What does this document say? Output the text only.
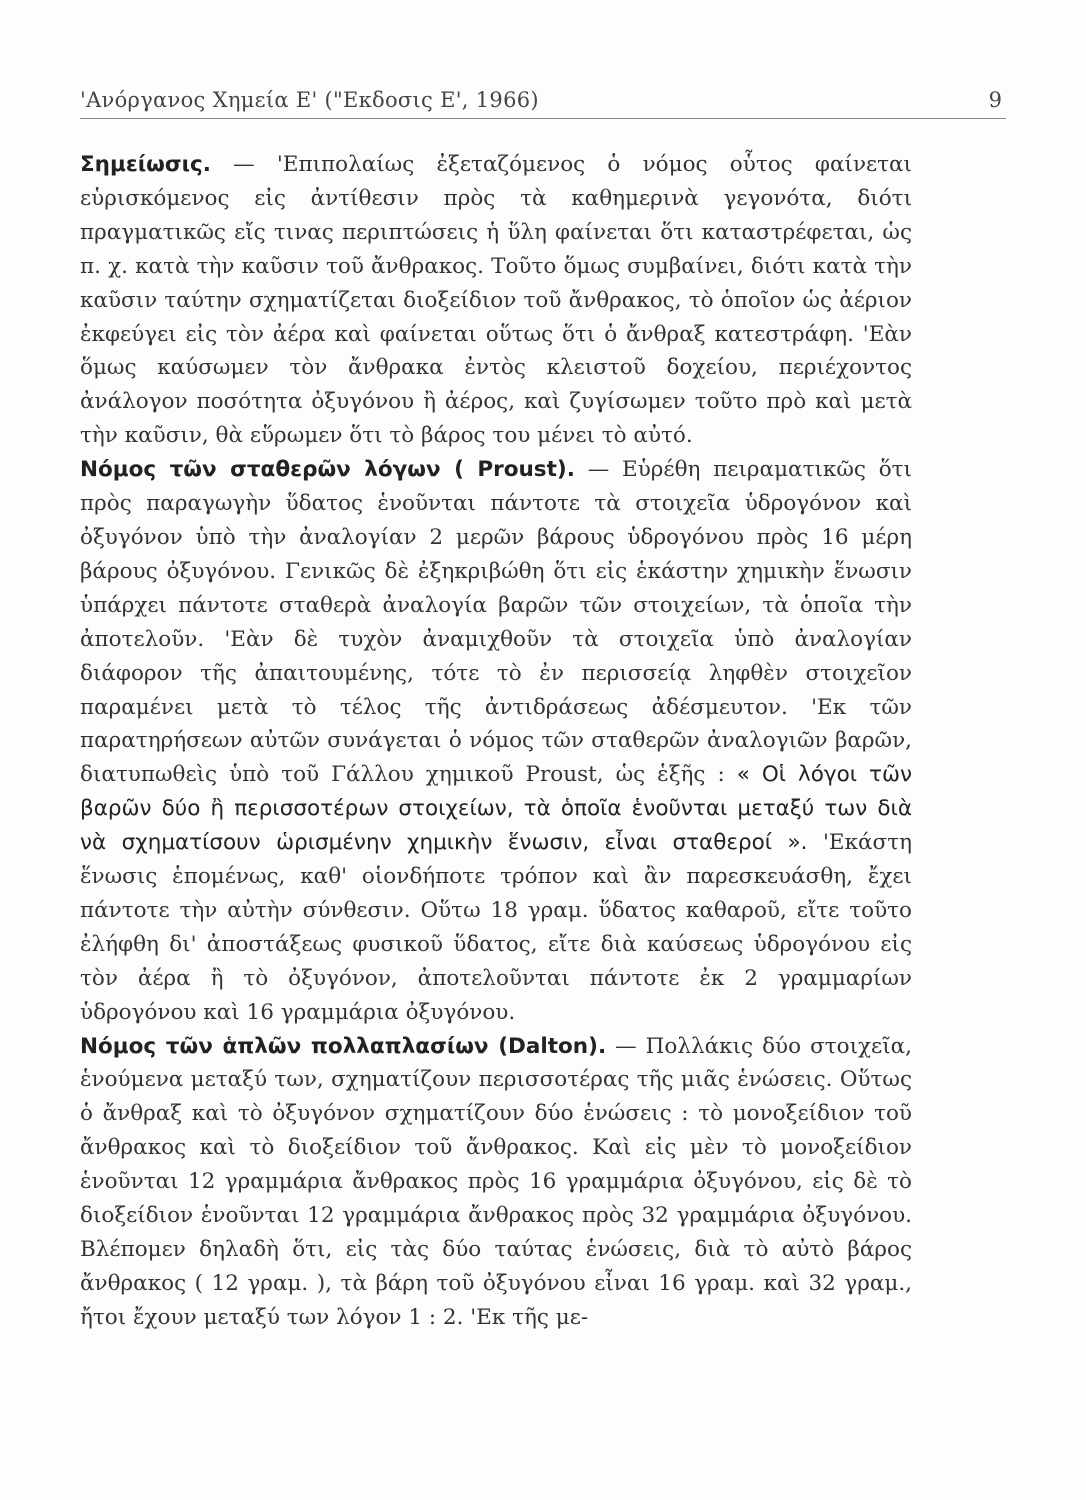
'Ανόργανος Χημεία Ε' ("Εκδοσις Ε', 1966)	9

Σημείωσις. — 'Επιπολαίως ἐξεταζόμενος ὁ νόμος οὗτος φαίνεται εὑρισκόμενος εἰς ἀντίθεσιν πρὸς τὰ καθημερινὰ γεγονότα, διότι πραγματικῶς εἴς τινας περιπτώσεις ἡ ὕλη φαίνεται ὅτι καταστρέφεται, ὡς π. χ. κατὰ τὴν καῦσιν τοῦ ἄνθρακος. Τοῦτο ὅμως συμβαίνει, διότι κατὰ τὴν καῦσιν ταύτην σχηματίζεται διοξείδιον τοῦ ἄνθρακος, τὸ ὁποῖον ὡς ἀέριον ἐκφεύγει εἰς τὸν ἀέρα καὶ φαίνεται οὕτως ὅτι ὁ ἄνθραξ κατεστράφη. 'Εὰν ὅμως καύσωμεν τὸν ἄνθρακα ἐντὸς κλειστοῦ δοχείου, περιέχοντος ἀνάλογον ποσότητα ὀξυγόνου ἢ ἀέρος, καὶ ζυγίσωμεν τοῦτο πρὸ καὶ μετὰ τὴν καῦσιν, θὰ εὕρωμεν ὅτι τὸ βάρος του μένει τὸ αὐτό.

Νόμος τῶν σταθερῶν λόγων ( Proust). — Εὑρέθη πειραματικῶς ὅτι πρὸς παραγωγὴν ὕδατος ἑνοῦνται πάντοτε τὰ στοιχεῖα ὑδρογόνον καὶ ὀξυγόνον ὑπὸ τὴν ἀναλογίαν 2 μερῶν βάρους ὑδρογόνου πρὸς 16 μέρη βάρους ὀξυγόνου. Γενικῶς δὲ ἐξηκριβώθη ὅτι εἰς ἑκάστην χημικὴν ἕνωσιν ὑπάρχει πάντοτε σταθερὰ ἀναλογία βαρῶν τῶν στοιχείων, τὰ ὁποῖα τὴν ἀποτελοῦν. 'Εὰν δὲ τυχὸν ἀναμιχθοῦν τὰ στοιχεῖα ὑπὸ ἀναλογίαν διάφορον τῆς ἀπαιτουμένης, τότε τὸ ἐν περισσείᾳ ληφθὲν στοιχεῖον παραμένει μετὰ τὸ τέλος τῆς ἀντιδράσεως ἀδέσμευτον. 'Εκ τῶν παρατηρήσεων αὐτῶν συνάγεται ὁ νόμος τῶν σταθερῶν ἀναλογιῶν βαρῶν, διατυπωθεὶς ὑπὸ τοῦ Γάλλου χημικοῦ Proust, ὡς ἑξῆς : « Οἱ λόγοι τῶν βαρῶν δύο ἢ περισσοτέρων στοιχείων, τὰ ὁποῖα ἑνοῦνται μεταξύ των διὰ νὰ σχηματίσουν ὡρισμένην χημικὴν ἕνωσιν, εἶναι σταθεροί ». 'Εκάστη ἕνωσις ἑπομένως, καθ' οἱονδήποτε τρόπον καὶ ἂν παρεσκευάσθη, ἔχει πάντοτε τὴν αὐτὴν σύνθεσιν. Οὕτω 18 γραμ. ὕδατος καθαροῦ, εἴτε τοῦτο ἐλήφθη δι' ἀποστάξεως φυσικοῦ ὕδατος, εἴτε διὰ καύσεως ὑδρογόνου εἰς τὸν ἀέρα ἢ τὸ ὀξυγόνον, ἀποτελοῦνται πάντοτε ἐκ 2 γραμμαρίων ὑδρογόνου καὶ 16 γραμμάρια ὀξυγόνου.

Νόμος τῶν ἁπλῶν πολλαπλασίων (Dalton). — Πολλάκις δύο στοιχεῖα, ἑνούμενα μεταξύ των, σχηματίζουν περισσοτέρας τῆς μιᾶς ἑνώσεις. Οὕτως ὁ ἄνθραξ καὶ τὸ ὀξυγόνον σχηματίζουν δύο ἑνώσεις : τὸ μονοξείδιον τοῦ ἄνθρακος καὶ τὸ διοξείδιον τοῦ ἄνθρακος. Καὶ εἰς μὲν τὸ μονοξείδιον ἑνοῦνται 12 γραμμάρια ἄνθρακος πρὸς 16 γραμμάρια ὀξυγόνου, εἰς δὲ τὸ διοξείδιον ἑνοῦνται 12 γραμμάρια ἄνθρακος πρὸς 32 γραμμάρια ὀξυγόνου. Βλέπομεν δηλαδὴ ὅτι, εἰς τὰς δύο ταύτας ἑνώσεις, διὰ τὸ αὐτὸ βάρος ἄνθρακος ( 12 γραμ. ), τὰ βάρη τοῦ ὀξυγόνου εἶναι 16 γραμ. καὶ 32 γραμ., ἤτοι ἔχουν μεταξύ των λόγον 1 : 2. 'Εκ τῆς με-
